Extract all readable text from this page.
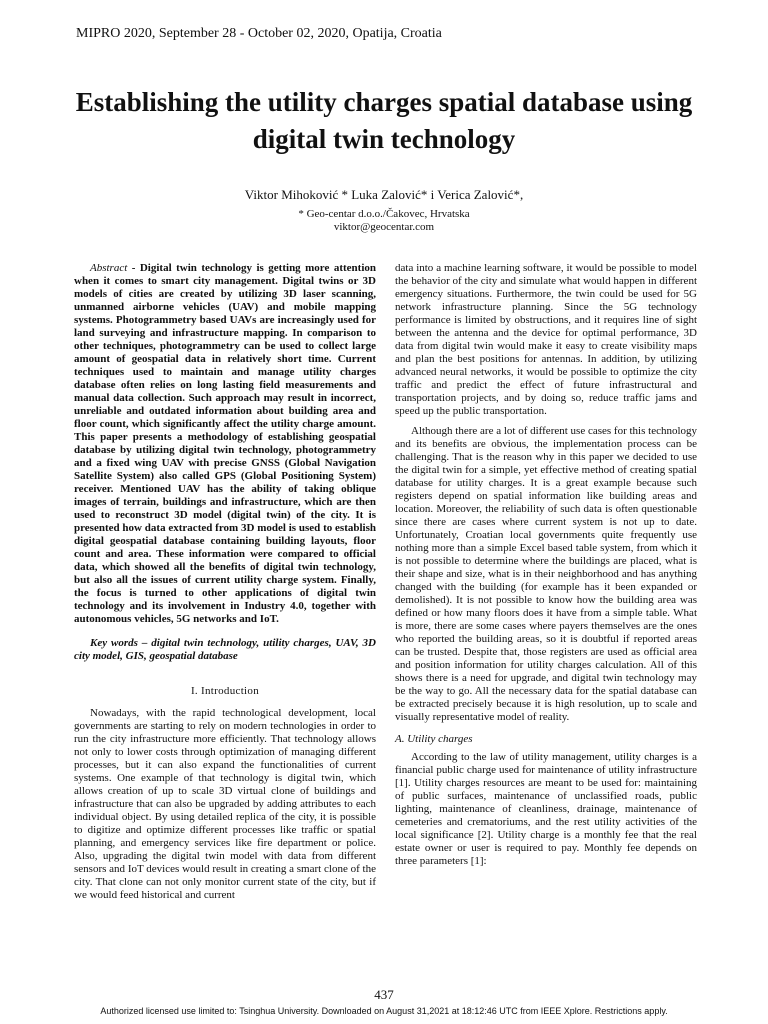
MIPRO 2020, September 28 - October 02, 2020, Opatija, Croatia
Establishing the utility charges spatial database using digital twin technology
Viktor Mihoković * Luka Zalović* i Verica Zalović*,
* Geo-centar d.o.o./Čakovec, Hrvatska
viktor@geocentar.com

Abstract - Digital twin technology is getting more attention when it comes to smart city management. Digital twins or 3D models of cities are created by utilizing 3D laser scanning, unmanned airborne vehicles (UAV) and mobile mapping systems. Photogrammetry based UAVs are increasingly used for land surveying and infrastructure mapping. In comparison to other techniques, photogrammetry can be used to collect large amount of geospatial data in relatively short time. Current techniques used to maintain and manage utility charges database often relies on long lasting field measurements and manual data collection. Such approach may result in incorrect, unreliable and outdated information about building area and floor count, which significantly affect the utility charge amount. This paper presents a methodology of establishing geospatial database by utilizing digital twin technology, photogrammetry and a fixed wing UAV with precise GNSS (Global Navigation Satellite System) also called GPS (Global Positioning System) receiver. Mentioned UAV has the ability of taking oblique images of terrain, buildings and infrastructure, which are then used to reconstruct 3D model (digital twin) of the city. It is presented how data extracted from 3D model is used to establish digital geospatial database containing building layouts, floor count and area. These information were compared to official data, which showed all the benefits of digital twin technology, but also all the issues of current utility charge system. Finally, the focus is turned to other applications of digital twin technology and its involvement in Industry 4.0, together with autonomous vehicles, 5G networks and IoT.

Key words – digital twin technology, utility charges, UAV, 3D city model, GIS, geospatial database

I. Introduction

Nowadays, with the rapid technological development, local governments are starting to rely on modern technologies in order to run the city infrastructure more efficiently. That technology allows not only to lower costs through optimization of managing different processes, but it can also expand the functionalities of current systems. One example of that technology is digital twin, which allows creation of up to scale 3D virtual clone of buildings and infrastructure that can also be upgraded by adding attributes to each individual object. By using detailed replica of the city, it is possible to digitize and optimize different processes like traffic or spatial planning, and emergency services like fire department or police. Also, upgrading the digital twin model with data from different sensors and IoT devices would result in creating a smart clone of the city. That clone can not only monitor current state of the city, but if we would feed historical and current

data into a machine learning software, it would be possible to model the behavior of the city and simulate what would happen in different emergency situations. Furthermore, the twin could be used for 5G network infrastructure planning. Since the 5G technology performance is limited by obstructions, and it requires line of sight between the antenna and the device for optimal performance, 3D data from digital twin would make it easy to create visibility maps and plan the best positions for antennas. In addition, by utilizing advanced neural networks, it would be possible to optimize the city traffic and predict the effect of future infrastructural and transportation projects, and by doing so, reduce traffic jams and speed up the public transportation.

Although there are a lot of different use cases for this technology and its benefits are obvious, the implementation process can be challenging. That is the reason why in this paper we decided to use the digital twin for a simple, yet effective method of creating spatial database for utility charges. It is a great example because such registers depend on spatial information like building areas and location. Moreover, the reliability of such data is often questionable since there are cases where current system is not up to date. Unfortunately, Croatian local governments quite frequently use nothing more than a simple Excel based table system, from which it is not possible to determine where the buildings are placed, what is their shape and size, what is in their neighborhood and has anything changed with the building (for example has it been expanded or demolished). It is not possible to know how the building area was defined or how many floors does it have from a simple table. What is more, there are some cases where payers themselves are the ones who reported the building areas, so it is doubtful if reported areas can be trusted. Despite that, those registers are used as official area and position information for utility charges calculation. All of this shows there is a need for upgrade, and digital twin technology may be the way to go. All the necessary data for the spatial database can be extracted precisely because it is high resolution, up to scale and visually representative model of reality.

A. Utility charges

According to the law of utility management, utility charges is a financial public charge used for maintenance of utility infrastructure [1]. Utility charges resources are meant to be used for: maintaining of public surfaces, maintenance of unclassified roads, public lighting, maintenance of cleanliness, drainage, maintenance of cemeteries and crematoriums, and the rest utility activities of the local significance [2]. Utility charge is a monthly fee that the real estate owner or user is required to pay. Monthly fee depends on three parameters [1]:

437
Authorized licensed use limited to: Tsinghua University. Downloaded on August 31,2021 at 18:12:46 UTC from IEEE Xplore. Restrictions apply.
